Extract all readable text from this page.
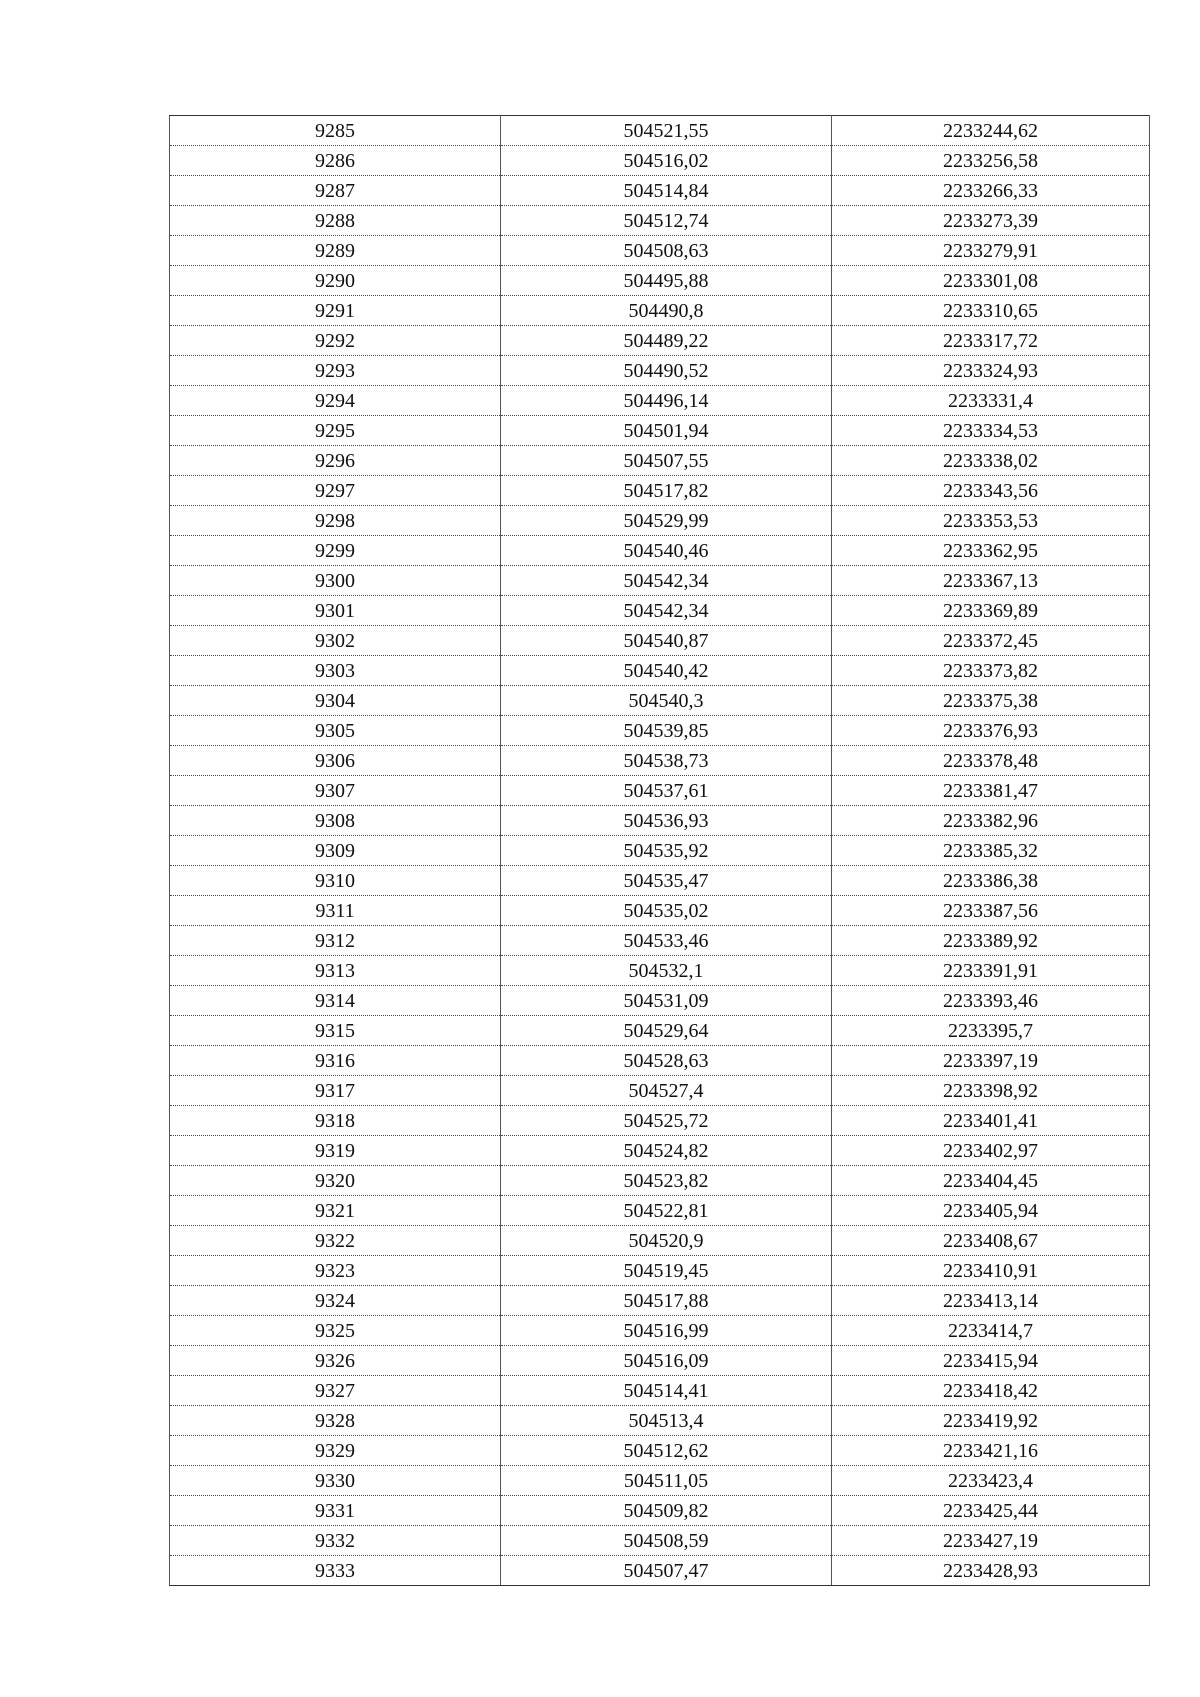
9285	504521,55	2233244,62
9286	504516,02	2233256,58
9287	504514,84	2233266,33
9288	504512,74	2233273,39
9289	504508,63	2233279,91
9290	504495,88	2233301,08
9291	504490,8	2233310,65
9292	504489,22	2233317,72
9293	504490,52	2233324,93
9294	504496,14	2233331,4
9295	504501,94	2233334,53
9296	504507,55	2233338,02
9297	504517,82	2233343,56
9298	504529,99	2233353,53
9299	504540,46	2233362,95
9300	504542,34	2233367,13
9301	504542,34	2233369,89
9302	504540,87	2233372,45
9303	504540,42	2233373,82
9304	504540,3	2233375,38
9305	504539,85	2233376,93
9306	504538,73	2233378,48
9307	504537,61	2233381,47
9308	504536,93	2233382,96
9309	504535,92	2233385,32
9310	504535,47	2233386,38
9311	504535,02	2233387,56
9312	504533,46	2233389,92
9313	504532,1	2233391,91
9314	504531,09	2233393,46
9315	504529,64	2233395,7
9316	504528,63	2233397,19
9317	504527,4	2233398,92
9318	504525,72	2233401,41
9319	504524,82	2233402,97
9320	504523,82	2233404,45
9321	504522,81	2233405,94
9322	504520,9	2233408,67
9323	504519,45	2233410,91
9324	504517,88	2233413,14
9325	504516,99	2233414,7
9326	504516,09	2233415,94
9327	504514,41	2233418,42
9328	504513,4	2233419,92
9329	504512,62	2233421,16
9330	504511,05	2233423,4
9331	504509,82	2233425,44
9332	504508,59	2233427,19
9333	504507,47	2233428,93
